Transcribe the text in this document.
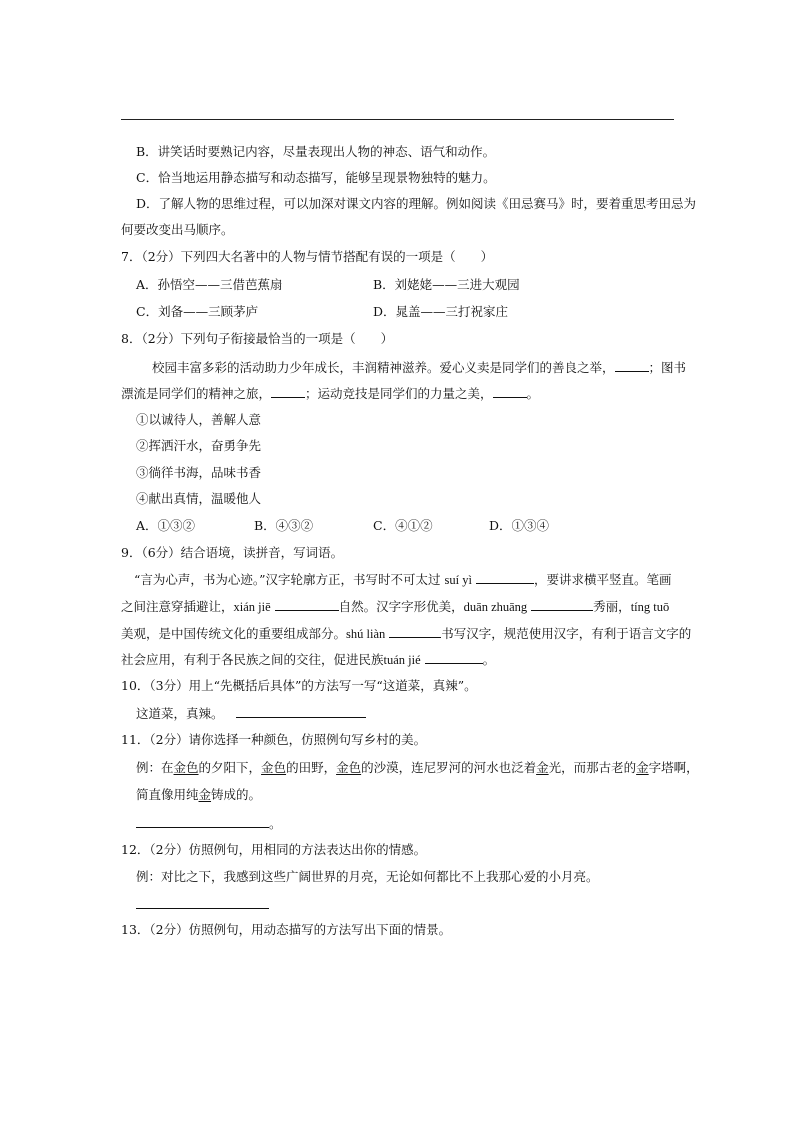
B．讲笑话时要熟记内容，尽量表现出人物的神态、语气和动作。
C．恰当地运用静态描写和动态描写，能够呈现景物独特的魅力。
D．了解人物的思维过程，可以加深对课文内容的理解。例如阅读《田忌赛马》时，要着重思考田忌为
何要改变出马顺序。
7．（2分）下列四大名著中的人物与情节搭配有误的一项是（　　）
A．孙悟空——三借芭蕉扇	B．刘姥姥——三进大观园
C．刘备——三顾茅庐	D．晁盖——三打祝家庄
8．（2分）下列句子衔接最恰当的一项是（　　）
校园丰富多彩的活动助力少年成长，丰润精神滋养。爱心义卖是同学们的善良之举，	；图书
漂流是同学们的精神之旅，	；运动竞技是同学们的力量之美，	。
①以诚待人，善解人意
②挥洒汗水，奋勇争先
③徜徉书海，品味书香
④献出真情，温暖他人
A．①③②	B．④③②	C．④①②	D．①③④
9．（6分）结合语境，读拼音，写词语。
“言为心声，书为心迹。”汉字轮廓方正，书写时不可太过 suí yì	，要讲求横平竖直。笔画
之间注意穿插避让，xián jiē	自然。汉字字形优美，duān zhuāng	秀丽，tíng tuō
美观，是中国传统文化的重要组成部分。shú liàn	书写汉字，规范使用汉字，有利于语言文字的
社会应用，有利于各民族之间的交往，促进民族tuán jié	。
10．（3分）用上“先概括后具体”的方法写一写“这道菜，真辣”。
这道菜，真辣。
11．（2分）请你选择一种颜色，仿照例句写乡村的美。
例：在金色的夕阳下，金色的田野，金色的沙漠，连尼罗河的河水也泛着金光，而那古老的金字塔啊，
简直像用纯金铸成的。
。
12．（2分）仿照例句，用相同的方法表达出你的情感。
例：对比之下，我感到这些广阔世界的月亮，无论如何都比不上我那心爱的小月亮。
13．（2分）仿照例句，用动态描写的方法写出下面的情景。
